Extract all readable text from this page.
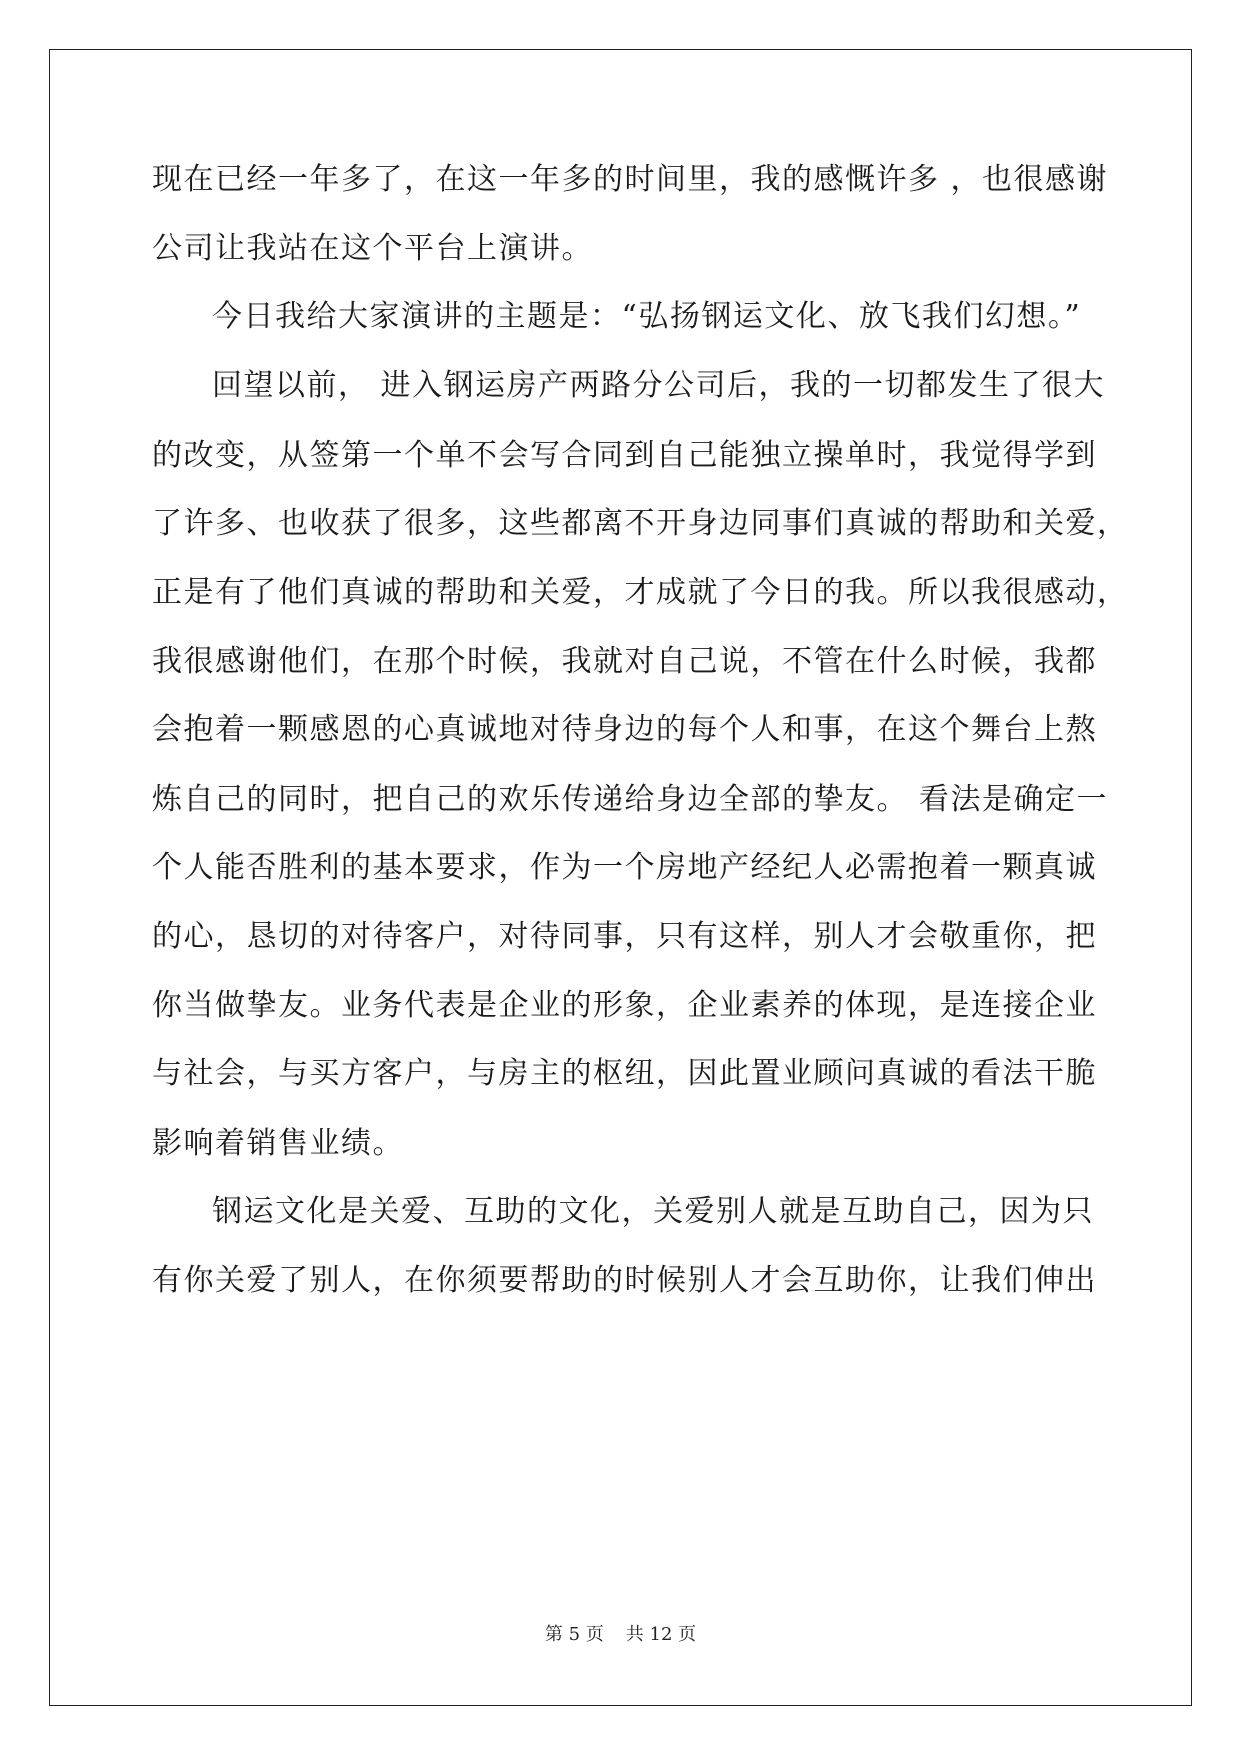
现在已经一年多了，在这一年多的时间里，我的感慨许多 ，也很感谢
公司让我站在这个平台上演讲。
今日我给大家演讲的主题是：“弘扬钢运文化、放飞我们幻想。”
回望以前， 进入钢运房产两路分公司后，我的一切都发生了很大
的改变，从签第一个单不会写合同到自己能独立操单时，我觉得学到
了许多、也收获了很多，这些都离不开身边同事们真诚的帮助和关爱，
正是有了他们真诚的帮助和关爱，才成就了今日的我。所以我很感动，
我很感谢他们，在那个时候，我就对自己说，不管在什么时候，我都
会抱着一颗感恩的心真诚地对待身边的每个人和事，在这个舞台上熬
炼自己的同时，把自己的欢乐传递给身边全部的挚友。 看法是确定一
个人能否胜利的基本要求，作为一个房地产经纪人必需抱着一颗真诚
的心，恳切的对待客户，对待同事，只有这样，别人才会敬重你，把
你当做挚友。业务代表是企业的形象，企业素养的体现，是连接企业
与社会，与买方客户，与房主的枢纽，因此置业顾问真诚的看法干脆
影响着销售业绩。
钢运文化是关爱、互助的文化，关爱别人就是互助自己，因为只
有你关爱了别人，在你须要帮助的时候别人才会互助你，让我们伸出
第 5 页 共 12 页
